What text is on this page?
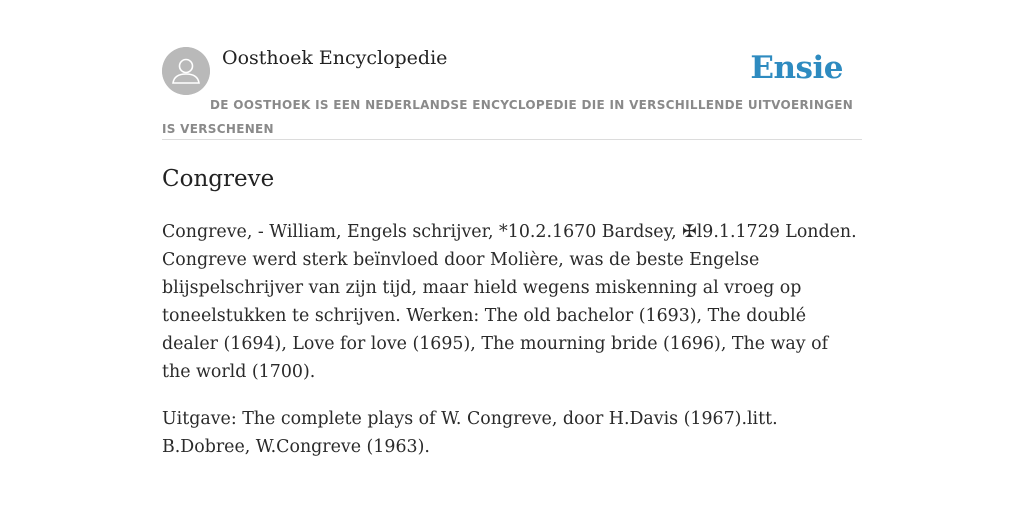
Oosthoek Encyclopedie	Ensie
DE OOSTHOEK IS EEN NEDERLANDSE ENCYCLOPEDIE DIE IN VERSCHILLENDE UITVOERINGEN IS VERSCHENEN
Congreve

Congreve, - William, Engels schrijver, *10.2.1670 Bardsey, ✠l9.1.1729 Londen. Congreve werd sterk beïnvloed door Molière, was de beste Engelse blijspelschrijver van zijn tijd, maar hield wegens miskenning al vroeg op toneelstukken te schrijven. Werken: The old bachelor (1693), The doublé dealer (1694), Love for love (1695), The mourning bride (1696), The way of the world (1700).

Uitgave: The complete plays of W. Congreve, door H.Davis (1967).litt. B.Dobree, W.Congreve (1963).
